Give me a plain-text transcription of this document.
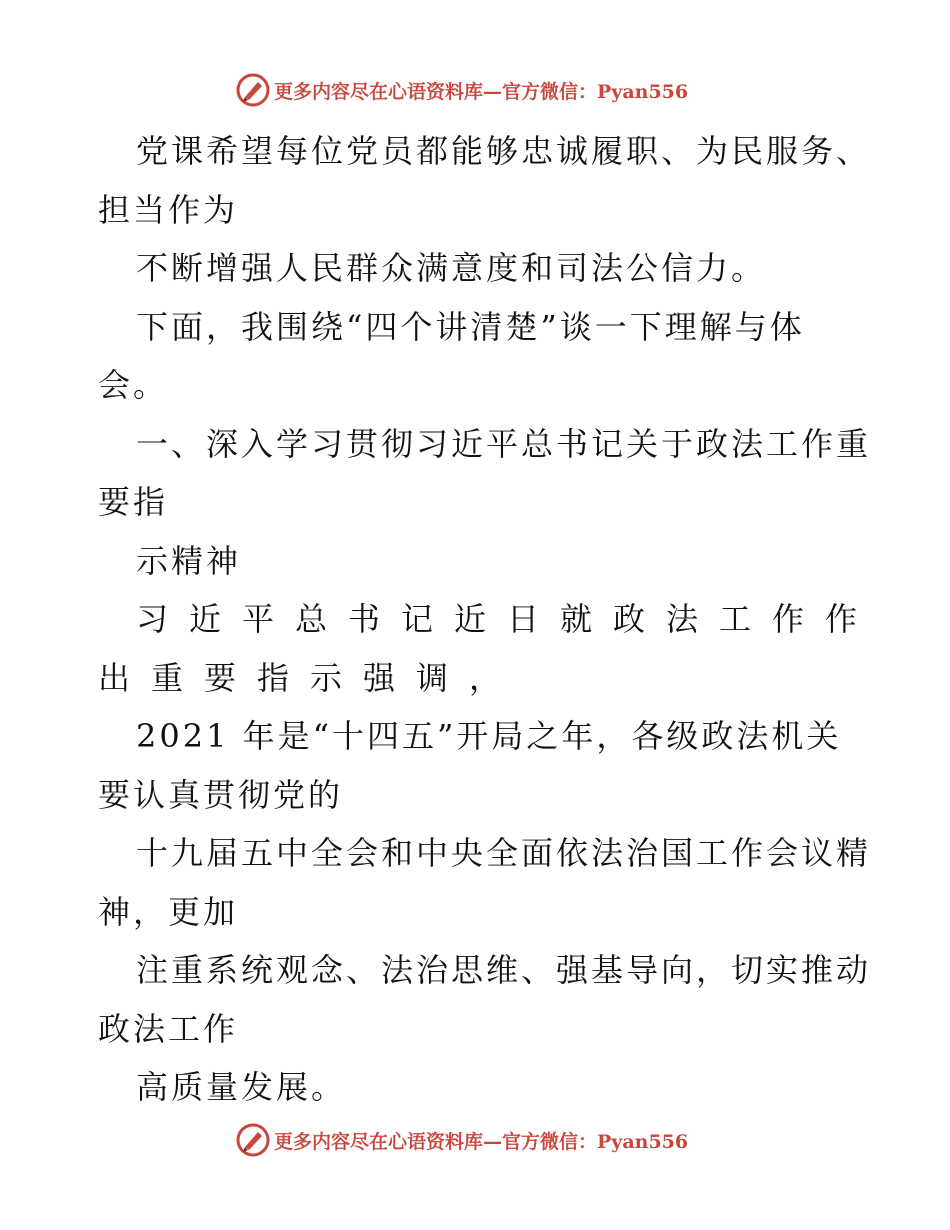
更多内容尽在心语资料库—官方微信：Pyan556
党课希望每位党员都能够忠诚履职、为民服务、
担当作为
不断增强人民群众满意度和司法公信力。
下面，我围绕“四个讲清楚”谈一下理解与体
会。
一、深入学习贯彻习近平总书记关于政法工作重
要指
示精神
习近平总书记近日就政法工作作
出重要指示强调，
2021 年是“十四五”开局之年，各级政法机关
要认真贯彻党的
十九届五中全会和中央全面依法治国工作会议精
神，更加
注重系统观念、法治思维、强基导向，切实推动
政法工作
高质量发展。
更多内容尽在心语资料库—官方微信：Pyan556
